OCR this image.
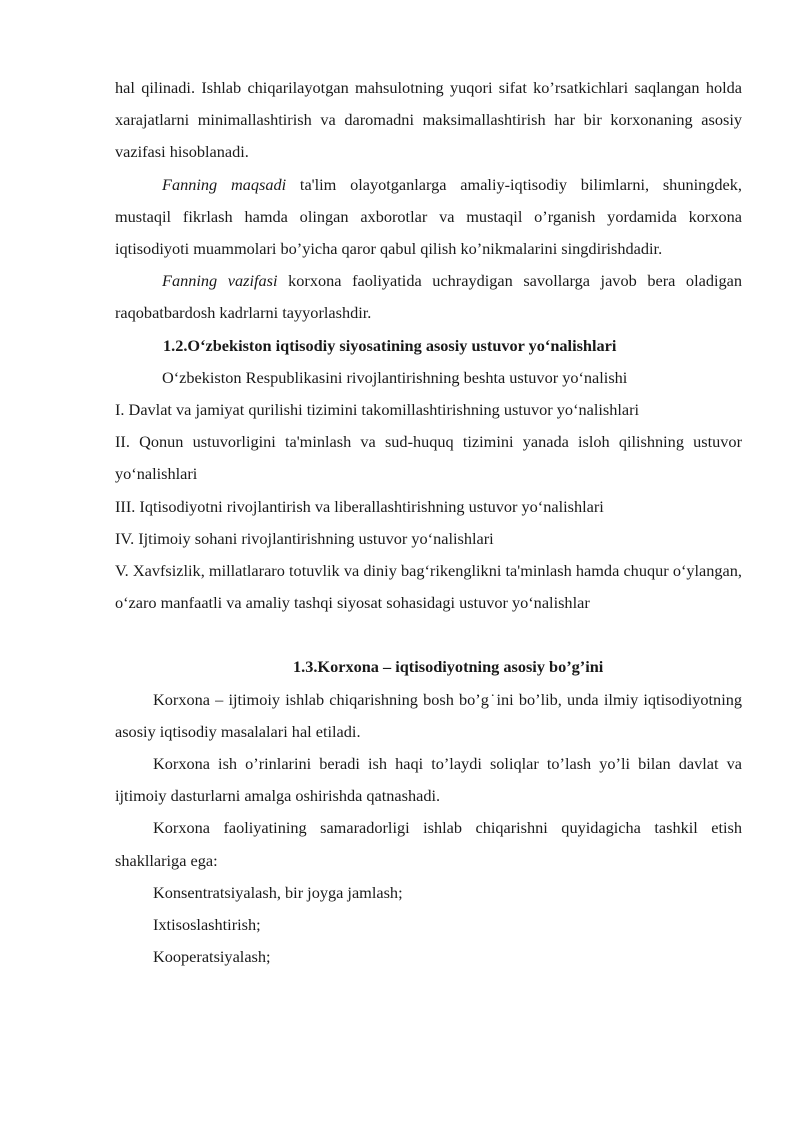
hal qilinadi. Ishlab chiqarilayotgan mahsulotning yuqori sifat ko’rsatkichlari saqlangan holda xarajatlarni minimallashtirish va daromadni maksimallashtirish har bir korxonaning asosiy vazifasi hisoblanadi.

Fanning maqsadi ta'lim olayotganlarga amaliy-iqtisodiy bilimlarni, shuningdek, mustaqil fikrlash hamda olingan axborotlar va mustaqil o’rganish yordamida korxona iqtisodiyoti muammolari bo’yicha qaror qabul qilish ko’nikmalarini singdirishdadir.

Fanning vazifasi korxona faoliyatida uchraydigan savollarga javob bera oladigan raqobatbardosh kadrlarni tayyorlashdir.

1.2.O‘zbekiston iqtisodiy siyosatining asosiy ustuvor yo‘nalishlari

O‘zbekiston Respublikasini rivojlantirishning beshta ustuvor yo‘nalishi

I. Davlat va jamiyat qurilishi tizimini takomillashtirishning ustuvor yo‘nalishlari

II. Qonun ustuvorligini ta'minlash va sud-huquq tizimini yanada isloh qilishning ustuvor yo‘nalishlari

III. Iqtisodiyotni rivojlantirish va liberallashtirishning ustuvor yo‘nalishlari

IV. Ijtimoiy sohani rivojlantirishning ustuvor yo‘nalishlari

V. Xavfsizlik, millatlararo totuvlik va diniy bag‘rikenglikni ta'minlash hamda chuqur o‘ylangan, o‘zaro manfaatli va amaliy tashqi siyosat sohasidagi ustuvor yo‘nalishlar

1.3.Korxona – iqtisodiyotning asosiy bo’g’ini

Korxona – ijtimoiy ishlab chiqarishning bosh bo’g˙ini bo’lib, unda ilmiy iqtisodiyotning asosiy iqtisodiy masalalari hal etiladi.

Korxona ish o’rinlarini beradi ish haqi to’laydi soliqlar to’lash yo’li bilan davlat va ijtimoiy dasturlarni amalga oshirishda qatnashadi.

Korxona faoliyatining samaradorligi ishlab chiqarishni quyidagicha tashkil etish shakllariga ega:

Konsentratsiyalash, bir joyga jamlash;

Ixtisoslashtirish;

Kooperatsiyalash;
